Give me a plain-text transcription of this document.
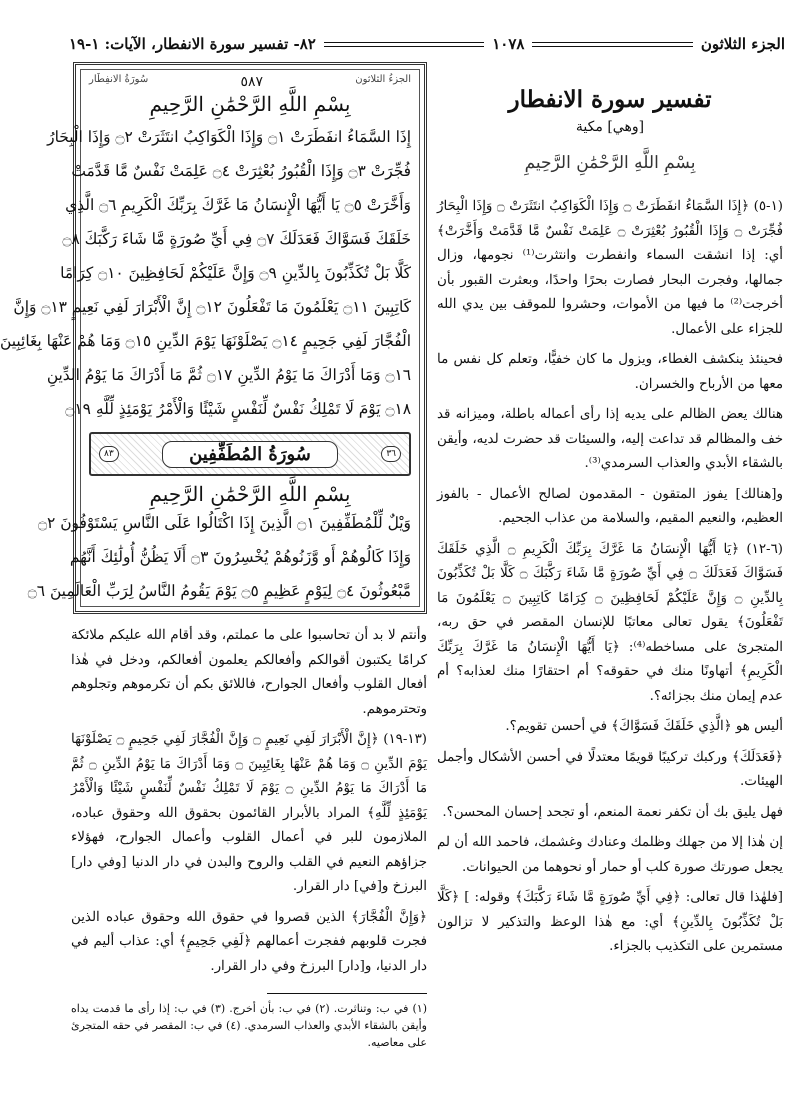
الجزء الثلاثون
١٠٧٨
٨٢- تفسير سورة الانفطار، الآيات: ١-١٩
تفسير سورة الانفطار
[وهي] مكية
بِسْمِ اللَّهِ الرَّحْمَٰنِ الرَّحِيمِ

(١-٥) ﴿إِذَا السَّمَاءُ انفَطَرَتْ ۝ وَإِذَا الْكَوَاكِبُ انتَثَرَتْ ۝ وَإِذَا الْبِحَارُ فُجِّرَتْ ۝ وَإِذَا الْقُبُورُ بُعْثِرَتْ ۝ عَلِمَتْ نَفْسٌ مَّا قَدَّمَتْ وَأَخَّرَتْ﴾ أي: إذا انشقت السماء وانفطرت وانتثرت⁽¹⁾ نجومها، وزال جمالها، وفجرت البحار فصارت بحرًا واحدًا، وبعثرت القبور بأن أخرجت⁽²⁾ ما فيها من الأموات، وحشروا للموقف بين يدي الله للجزاء على الأعمال.

فحينئذ ينكشف الغطاء، ويزول ما كان خفيًّا، وتعلم كل نفس ما معها من الأرباح والخسران.

هنالك يعض الظالم على يديه إذا رأى أعماله باطلة، وميزانه قد خف والمظالم قد تداعت إليه، والسيئات قد حضرت لديه، وأيقن بالشقاء الأبدي والعذاب السرمدي⁽³⁾.

و[هنالك] يفوز المتقون - المقدمون لصالح الأعمال - بالفوز العظيم، والنعيم المقيم، والسلامة من عذاب الجحيم.

(٦-١٢) ﴿يَا أَيُّهَا الْإِنسَانُ مَا غَرَّكَ بِرَبِّكَ الْكَرِيمِ ۝ الَّذِي خَلَقَكَ فَسَوَّاكَ فَعَدَلَكَ ۝ فِي أَيِّ صُورَةٍ مَّا شَاءَ رَكَّبَكَ ۝ كَلَّا بَلْ تُكَذِّبُونَ بِالدِّينِ ۝ وَإِنَّ عَلَيْكُمْ لَحَافِظِينَ ۝ كِرَامًا كَاتِبِينَ ۝ يَعْلَمُونَ مَا تَفْعَلُونَ﴾ يقول تعالى معاتبًا للإنسان المقصر في حق ربه، المتجرئ على مساخطه⁽⁴⁾: ﴿يَا أَيُّهَا الْإِنسَانُ مَا غَرَّكَ بِرَبِّكَ الْكَرِيمِ﴾ أتهاونًا منك في حقوقه؟ أم احتقارًا منك لعذابه؟ أم عدم إيمان منك بجزائه؟.

أليس هو ﴿الَّذِي خَلَقَكَ فَسَوَّاكَ﴾ في أحسن تقويم؟.

﴿فَعَدَلَكَ﴾ وركبك تركيبًا قويمًا معتدلًا في أحسن الأشكال وأجمل الهيئات.

فهل يليق بك أن تكفر نعمة المنعم، أو تجحد إحسان المحسن؟.

إن هٰذا إلا من جهلك وظلمك وعنادك وغشمك، فاحمد الله أن لم يجعل صورتك صورة كلب أو حمار أو نحوهما من الحيوانات.

[فلهٰذا قال تعالى: ﴿فِي أَيِّ صُورَةٍ مَّا شَاءَ رَكَّبَكَ﴾ وقوله: ] ﴿كَلَّا بَلْ تُكَذِّبُونَ بِالدِّينِ﴾ أي: مع هٰذا الوعظ والتذكير لا تزالون مستمرين على التكذيب بالجزاء.

الجزءُ الثلاثون
٥٨٧
سُورَةُ الانفِطَار
بِسْمِ اللَّهِ الرَّحْمَٰنِ الرَّحِيمِ
إِذَا السَّمَاءُ انفَطَرَتْ ۝١ وَإِذَا الْكَوَاكِبُ انتَثَرَتْ ۝٢ وَإِذَا الْبِحَارُ
فُجِّرَتْ ۝٣ وَإِذَا الْقُبُورُ بُعْثِرَتْ ۝٤ عَلِمَتْ نَفْسٌ مَّا قَدَّمَتْ
وَأَخَّرَتْ ۝٥ يَا أَيُّهَا الْإِنسَانُ مَا غَرَّكَ بِرَبِّكَ الْكَرِيمِ ۝٦ الَّذِي
خَلَقَكَ فَسَوَّاكَ فَعَدَلَكَ ۝٧ فِي أَيِّ صُورَةٍ مَّا شَاءَ رَكَّبَكَ ۝٨
كَلَّا بَلْ تُكَذِّبُونَ بِالدِّينِ ۝٩ وَإِنَّ عَلَيْكُمْ لَحَافِظِينَ ۝١٠ كِرَامًا
كَاتِبِينَ ۝١١ يَعْلَمُونَ مَا تَفْعَلُونَ ۝١٢ إِنَّ الْأَبْرَارَ لَفِي نَعِيمٍ ۝١٣ وَإِنَّ
الْفُجَّارَ لَفِي جَحِيمٍ ۝١٤ يَصْلَوْنَهَا يَوْمَ الدِّينِ ۝١٥ وَمَا هُمْ عَنْهَا بِغَائِبِينَ
۝١٦ وَمَا أَدْرَاكَ مَا يَوْمُ الدِّينِ ۝١٧ ثُمَّ مَا أَدْرَاكَ مَا يَوْمُ الدِّينِ
۝١٨ يَوْمَ لَا تَمْلِكُ نَفْسٌ لِّنَفْسٍ شَيْئًا وَالْأَمْرُ يَوْمَئِذٍ لِّلَّهِ ۝١٩
٣٦
سُورَةُ المُطَفِّفِين
٨٣
بِسْمِ اللَّهِ الرَّحْمَٰنِ الرَّحِيمِ
وَيْلٌ لِّلْمُطَفِّفِينَ ۝١ الَّذِينَ إِذَا اكْتَالُوا عَلَى النَّاسِ يَسْتَوْفُونَ ۝٢
وَإِذَا كَالُوهُمْ أَو وَّزَنُوهُمْ يُخْسِرُونَ ۝٣ أَلَا يَظُنُّ أُولَٰئِكَ أَنَّهُم
مَّبْعُوثُونَ ۝٤ لِيَوْمٍ عَظِيمٍ ۝٥ يَوْمَ يَقُومُ النَّاسُ لِرَبِّ الْعَالَمِينَ ۝٦

وأنتم لا بد أن تحاسبوا على ما عملتم، وقد أقام الله عليكم ملائكة كرامًا يكتبون أقوالكم وأفعالكم يعلمون أفعالكم، ودخل في هٰذا أفعال القلوب وأفعال الجوارح، فاللائق بكم أن تكرموهم وتجلوهم وتحترموهم.

(١٣-١٩) ﴿إِنَّ الْأَبْرَارَ لَفِي نَعِيمٍ ۝ وَإِنَّ الْفُجَّارَ لَفِي جَحِيمٍ ۝ يَصْلَوْنَهَا يَوْمَ الدِّينِ ۝ وَمَا هُمْ عَنْهَا بِغَائِبِينَ ۝ وَمَا أَدْرَاكَ مَا يَوْمُ الدِّينِ ۝ ثُمَّ مَا أَدْرَاكَ مَا يَوْمُ الدِّينِ ۝ يَوْمَ لَا تَمْلِكُ نَفْسٌ لِّنَفْسٍ شَيْئًا وَالْأَمْرُ يَوْمَئِذٍ لِّلَّهِ﴾ المراد بالأبرار القائمون بحقوق الله وحقوق عباده، الملازمون للبر في أعمال القلوب وأعمال الجوارح، فهؤلاء جزاؤهم النعيم في القلب والروح والبدن في دار الدنيا [وفي دار] البرزخ و[في] دار القرار.

﴿وَإِنَّ الْفُجَّارَ﴾ الذين قصروا في حقوق الله وحقوق عباده الذين فجرت قلوبهم ففجرت أعمالهم ﴿لَفِي جَحِيمٍ﴾ أي: عذاب أليم في دار الدنيا، و[دار] البرزخ وفي دار القرار.

(١) في ب: وتناثرت. (٢) في ب: بأن أخرج. (٣) في ب: إذا رأى ما قدمت يداه وأيقن بالشقاء الأبدي والعذاب السرمدي. (٤) في ب: المقصر في حقه المتجرئ على معاصيه.
